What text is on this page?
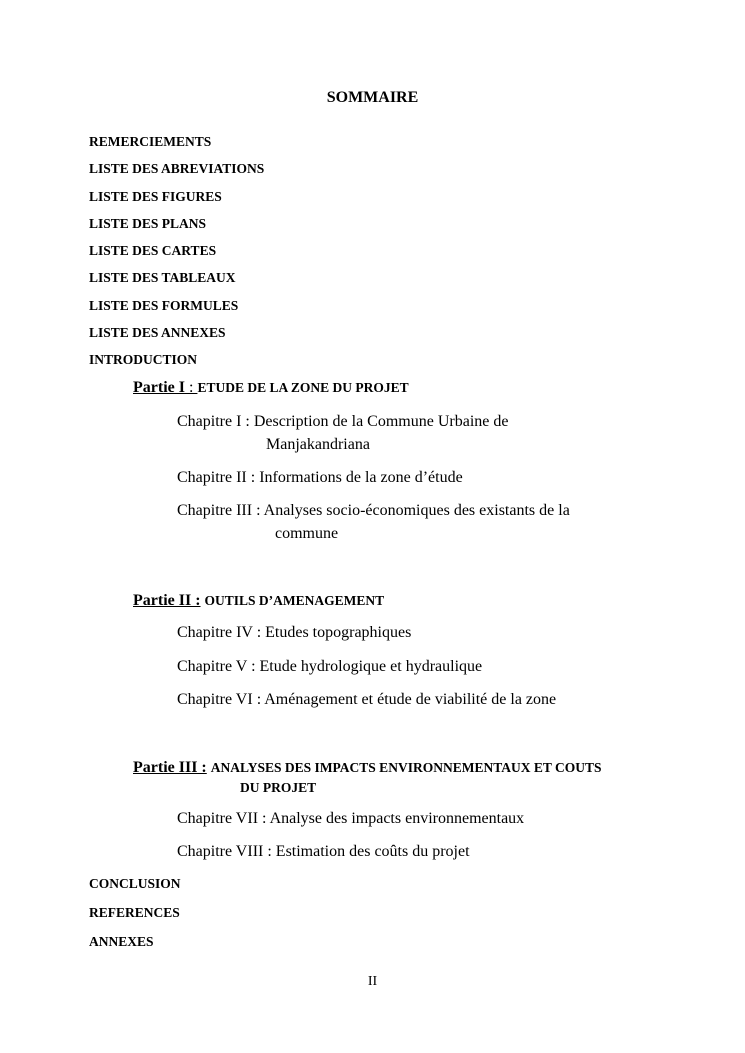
SOMMAIRE
REMERCIEMENTS
LISTE DES ABREVIATIONS
LISTE DES FIGURES
LISTE DES PLANS
LISTE DES CARTES
LISTE DES TABLEAUX
LISTE DES FORMULES
LISTE DES ANNEXES
INTRODUCTION
Partie I : ETUDE DE LA ZONE DU PROJET
Chapitre I : Description de la Commune Urbaine de
Manjakandriana
Chapitre II : Informations de la zone d’étude
Chapitre III : Analyses socio-économiques des existants de la
commune
Partie II : OUTILS D’AMENAGEMENT
Chapitre IV : Etudes topographiques
Chapitre V : Etude hydrologique et hydraulique
Chapitre VI : Aménagement et étude de viabilité de la zone
Partie III : ANALYSES DES IMPACTS ENVIRONNEMENTAUX ET COUTS
DU PROJET
Chapitre VII : Analyse des impacts environnementaux
Chapitre VIII : Estimation des coûts du projet
CONCLUSION
REFERENCES
ANNEXES
II
